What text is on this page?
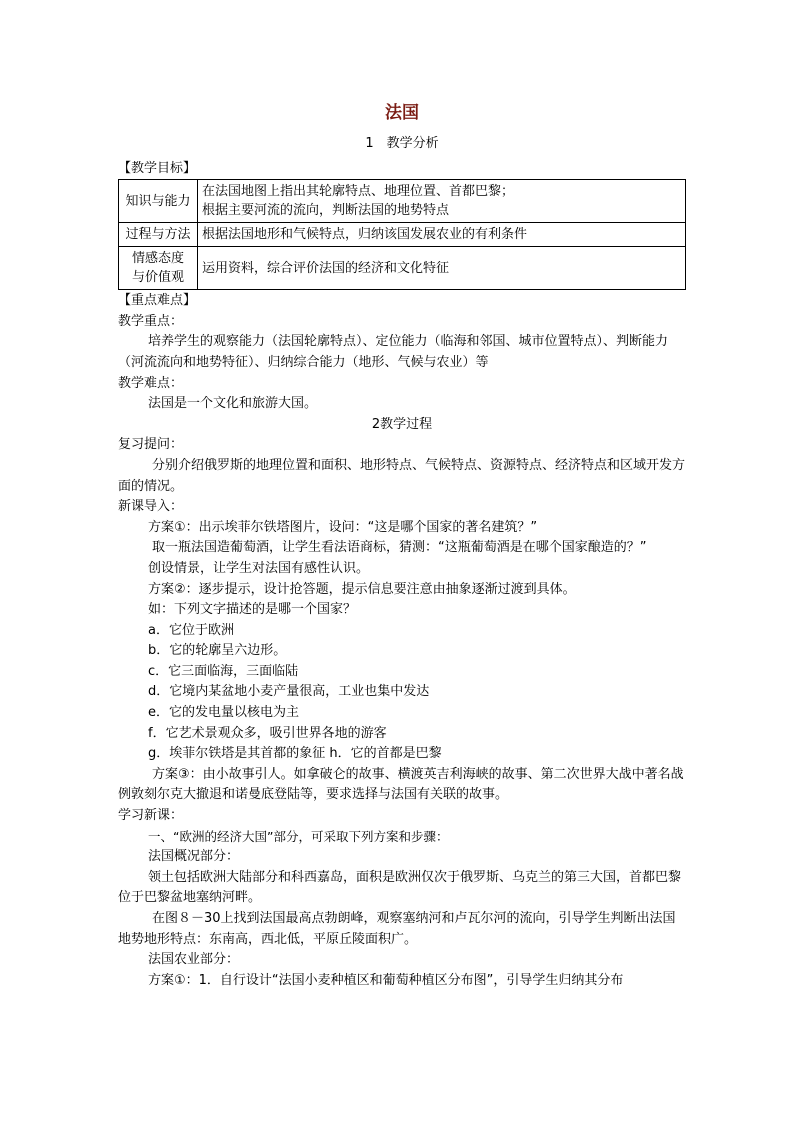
法国

1　教学分析

【教学目标】

知识与能力	在法国地图上指出其轮廓特点、地理位置、首都巴黎；
根据主要河流的流向，判断法国的地势特点

过程与方法	根据法国地形和气候特点，归纳该国发展农业的有利条件

情感态度
与价值观	运用资料，综合评价法国的经济和文化特征

【重点难点】

教学重点：

培养学生的观察能力（法国轮廓特点）、定位能力（临海和邻国、城市位置特点）、判断能力（河流流向和地势特征）、归纳综合能力（地形、气候与农业）等

教学难点：

法国是一个文化和旅游大国。

2教学过程

复习提问：

分别介绍俄罗斯的地理位置和面积、地形特点、气候特点、资源特点、经济特点和区域开发方面的情况。

新课导入：

方案①：出示埃菲尔铁塔图片，设问：“这是哪个国家的著名建筑？”

取一瓶法国造葡萄酒，让学生看法语商标，猜测：“这瓶葡萄酒是在哪个国家酿造的？”

创设情景，让学生对法国有感性认识。

方案②：逐步提示，设计抢答题，提示信息要注意由抽象逐渐过渡到具体。

如：下列文字描述的是哪一个国家？

a．它位于欧洲

b．它的轮廓呈六边形。

c．它三面临海，三面临陆

d．它境内某盆地小麦产量很高，工业也集中发达

e．它的发电量以核电为主

f．它艺术景观众多，吸引世界各地的游客

g．埃菲尔铁塔是其首都的象征 h．它的首都是巴黎

方案③：由小故事引人。如拿破仑的故事、横渡英吉利海峡的故事、第二次世界大战中著名战例敦刻尔克大撤退和诺曼底登陆等，要求选择与法国有关联的故事。

学习新课：

一、“欧洲的经济大国”部分，可采取下列方案和步骤：

法国概况部分：

领土包括欧洲大陆部分和科西嘉岛，面积是欧洲仅次于俄罗斯、乌克兰的第三大国，首都巴黎位于巴黎盆地塞纳河畔。

在图８－30上找到法国最高点勃朗峰，观察塞纳河和卢瓦尔河的流向，引导学生判断出法国地势地形特点：东南高，西北低，平原丘陵面积广。

法国农业部分：

方案①：1．自行设计“法国小麦种植区和葡萄种植区分布图”，引导学生归纳其分布
